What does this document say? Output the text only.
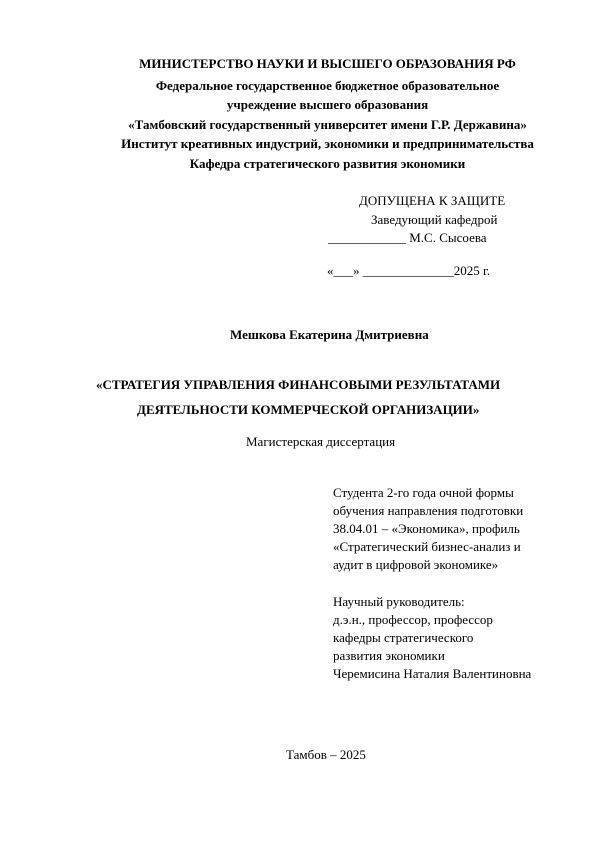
МИНИСТЕРСТВО НАУКИ И ВЫСШЕГО ОБРАЗОВАНИЯ РФ
Федеральное государственное бюджетное образовательное
учреждение высшего образования
«Тамбовский государственный университет имени Г.Р. Державина»
Институт креативных индустрий, экономики и предпринимательства
Кафедра стратегического развития экономики
ДОПУЩЕНА К ЗАЩИТЕ
Заведующий кафедрой
____________ М.С. Сысоева
«___» ______________2025 г.
Мешкова Екатерина Дмитриевна
«СТРАТЕГИЯ УПРАВЛЕНИЯ ФИНАНСОВЫМИ РЕЗУЛЬТАТАМИ
ДЕЯТЕЛЬНОСТИ КОММЕРЧЕСКОЙ ОРГАНИЗАЦИИ»
Магистерская диссертация
Студента 2-го года очной формы
обучения направления подготовки
38.04.01 – «Экономика», профиль
«Стратегический бизнес-анализ и
аудит в цифровой экономике»
Научный руководитель:
д.э.н., профессор, профессор
кафедры стратегического
развития экономики
Черемисина Наталия Валентиновна
Тамбов – 2025
